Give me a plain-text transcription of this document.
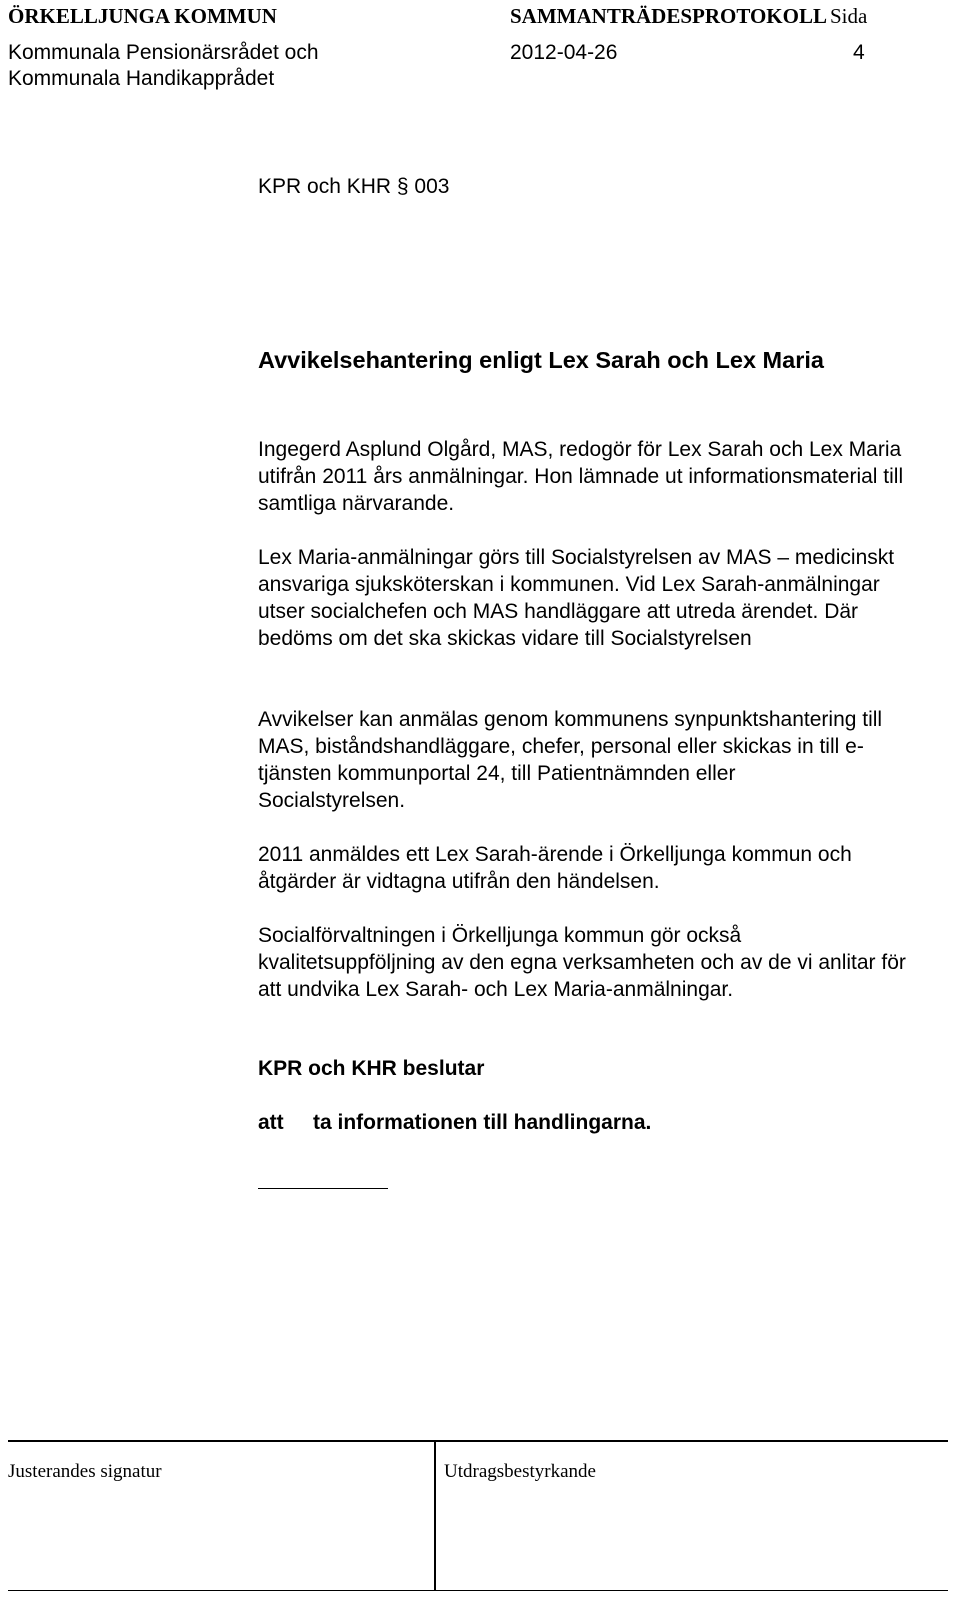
ÖRKELLJUNGA KOMMUN	SAMMANTRÄDESPROTOKOLL Sida
Kommunala Pensionärsrådet och
Kommunala Handikapprådet
2012-04-26	4
KPR och KHR § 003
Avvikelsehantering enligt Lex Sarah och Lex Maria

Ingegerd Asplund Olgård, MAS, redogör för Lex Sarah och Lex Maria utifrån 2011 års anmälningar. Hon lämnade ut informationsmaterial till samtliga närvarande.

Lex Maria-anmälningar görs till Socialstyrelsen av MAS – medicinskt ansvariga sjuksköterskan i kommunen. Vid Lex Sarah-anmälningar utser socialchefen och MAS handläggare att utreda ärendet. Där bedöms om det ska skickas vidare till Socialstyrelsen

Avvikelser kan anmälas genom kommunens synpunktshantering till MAS, biståndshandläggare, chefer, personal eller skickas in till e-tjänsten kommunportal 24, till Patientnämnden eller Socialstyrelsen.

2011 anmäldes ett Lex Sarah-ärende i Örkelljunga kommun och åtgärder är vidtagna utifrån den händelsen.

Socialförvaltningen i Örkelljunga kommun gör också kvalitetsuppföljning av den egna verksamheten och av de vi anlitar för att undvika Lex Sarah- och Lex Maria-anmälningar.

KPR och KHR beslutar
att ta informationen till handlingarna.
Justerandes signatur	Utdragsbestyrkande
